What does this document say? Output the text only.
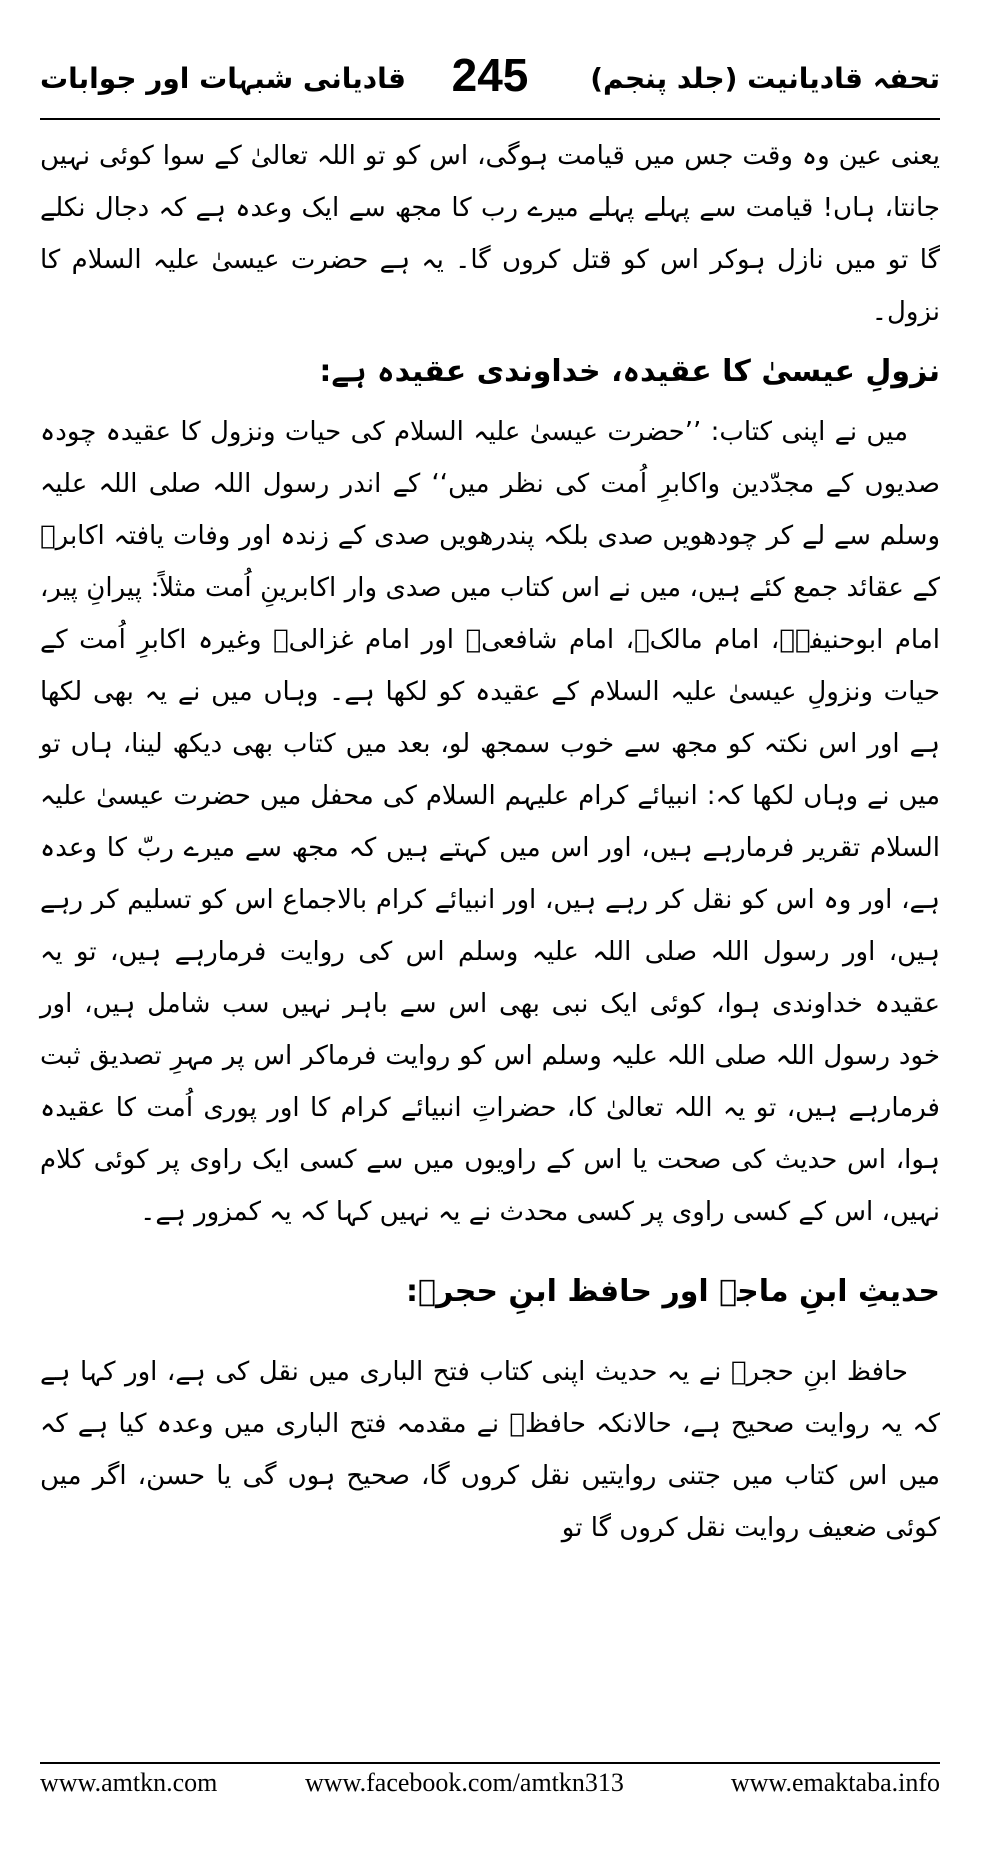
تحفہ قادیانیت (جلد پنجم)
245
قادیانی شبہات اور جوابات

یعنی عین وہ وقت جس میں قیامت ہوگی، اس کو تو اللہ تعالیٰ کے سوا کوئی نہیں جانتا، ہاں! قیامت سے پہلے پہلے میرے رب کا مجھ سے ایک وعدہ ہے کہ دجال نکلے گا تو میں نازل ہوکر اس کو قتل کروں گا۔ یہ ہے حضرت عیسیٰ علیہ السلام کا نزول۔

نزولِ عیسیٰ کا عقیدہ، خداوندی عقیدہ ہے:

میں نے اپنی کتاب: ’’حضرت عیسیٰ علیہ السلام کی حیات ونزول کا عقیدہ چودہ صدیوں کے مجدّدین واکابرِ اُمت کی نظر میں‘‘ کے اندر رسول اللہ صلی اللہ علیہ وسلم سے لے کر چودھویں صدی بلکہ پندرھویں صدی کے زندہ اور وفات یافتہ اکابرؒ کے عقائد جمع کئے ہیں، میں نے اس کتاب میں صدی وار اکابرینِ اُمت مثلاً: پیرانِ پیر، امام ابوحنیفہؒ، امام مالکؒ، امام شافعیؒ اور امام غزالیؒ وغیرہ اکابرِ اُمت کے حیات ونزولِ عیسیٰ علیہ السلام کے عقیدہ کو لکھا ہے۔ وہاں میں نے یہ بھی لکھا ہے اور اس نکتہ کو مجھ سے خوب سمجھ لو، بعد میں کتاب بھی دیکھ لینا، ہاں تو میں نے وہاں لکھا کہ: انبیائے کرام علیہم السلام کی محفل میں حضرت عیسیٰ علیہ السلام تقریر فرمارہے ہیں، اور اس میں کہتے ہیں کہ مجھ سے میرے ربّ کا وعدہ ہے، اور وہ اس کو نقل کر رہے ہیں، اور انبیائے کرام بالاجماع اس کو تسلیم کر رہے ہیں، اور رسول اللہ صلی اللہ علیہ وسلم اس کی روایت فرمارہے ہیں، تو یہ عقیدہ خداوندی ہوا، کوئی ایک نبی بھی اس سے باہر نہیں سب شامل ہیں، اور خود رسول اللہ صلی اللہ علیہ وسلم اس کو روایت فرماکر اس پر مہرِ تصدیق ثبت فرمارہے ہیں، تو یہ اللہ تعالیٰ کا، حضراتِ انبیائے کرام کا اور پوری اُمت کا عقیدہ ہوا، اس حدیث کی صحت یا اس کے راویوں میں سے کسی ایک راوی پر کوئی کلام نہیں، اس کے کسی راوی پر کسی محدث نے یہ نہیں کہا کہ یہ کمزور ہے۔

حدیثِ ابنِ ماجہ اور حافظ ابنِ حجرؒ:

حافظ ابنِ حجرؒ نے یہ حدیث اپنی کتاب فتح الباری میں نقل کی ہے، اور کہا ہے کہ یہ روایت صحیح ہے، حالانکہ حافظؒ نے مقدمہ فتح الباری میں وعدہ کیا ہے کہ میں اس کتاب میں جتنی روایتیں نقل کروں گا، صحیح ہوں گی یا حسن، اگر میں کوئی ضعیف روایت نقل کروں گا تو

www.amtkn.com	www.facebook.com/amtkn313	www.emaktaba.info
